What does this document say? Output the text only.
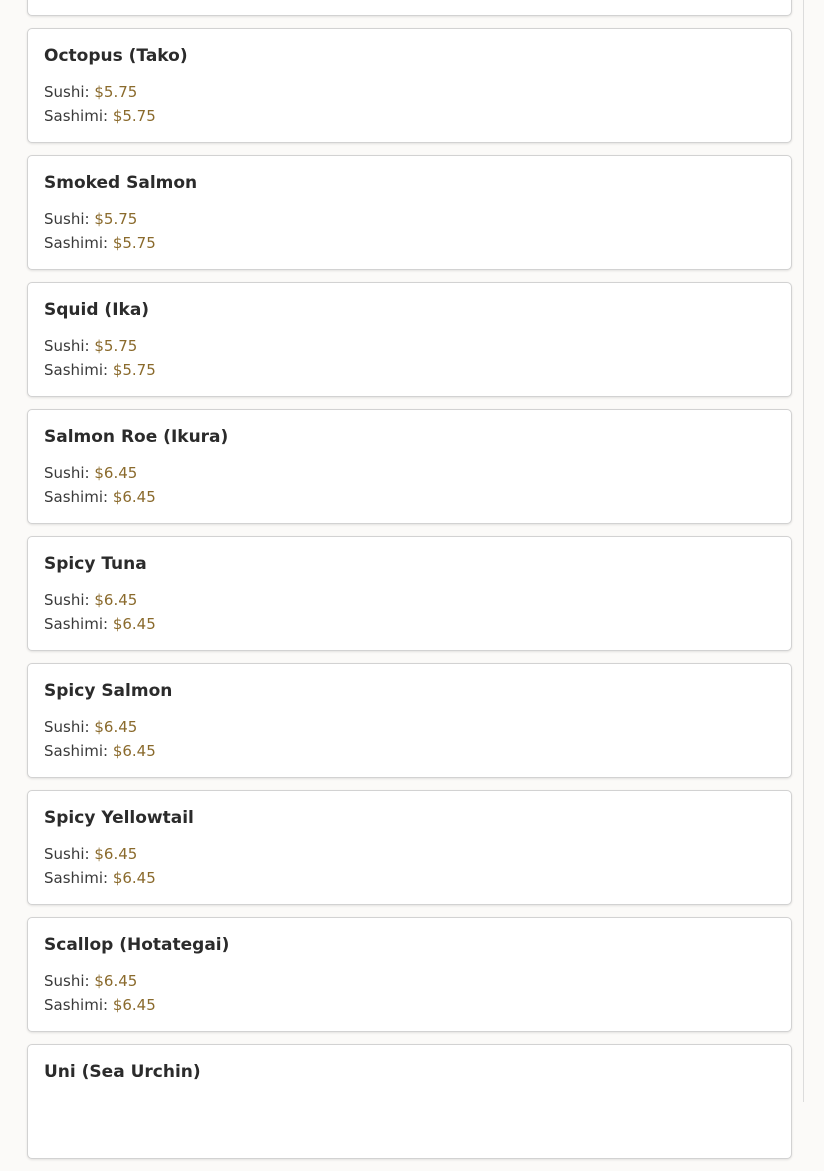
Octopus (Tako)
Sushi: $5.75
Sashimi: $5.75
Smoked Salmon
Sushi: $5.75
Sashimi: $5.75
Squid (Ika)
Sushi: $5.75
Sashimi: $5.75
Salmon Roe (Ikura)
Sushi: $6.45
Sashimi: $6.45
Spicy Tuna
Sushi: $6.45
Sashimi: $6.45
Spicy Salmon
Sushi: $6.45
Sashimi: $6.45
Spicy Yellowtail
Sushi: $6.45
Sashimi: $6.45
Scallop (Hotategai)
Sushi: $6.45
Sashimi: $6.45
Uni (Sea Urchin)
